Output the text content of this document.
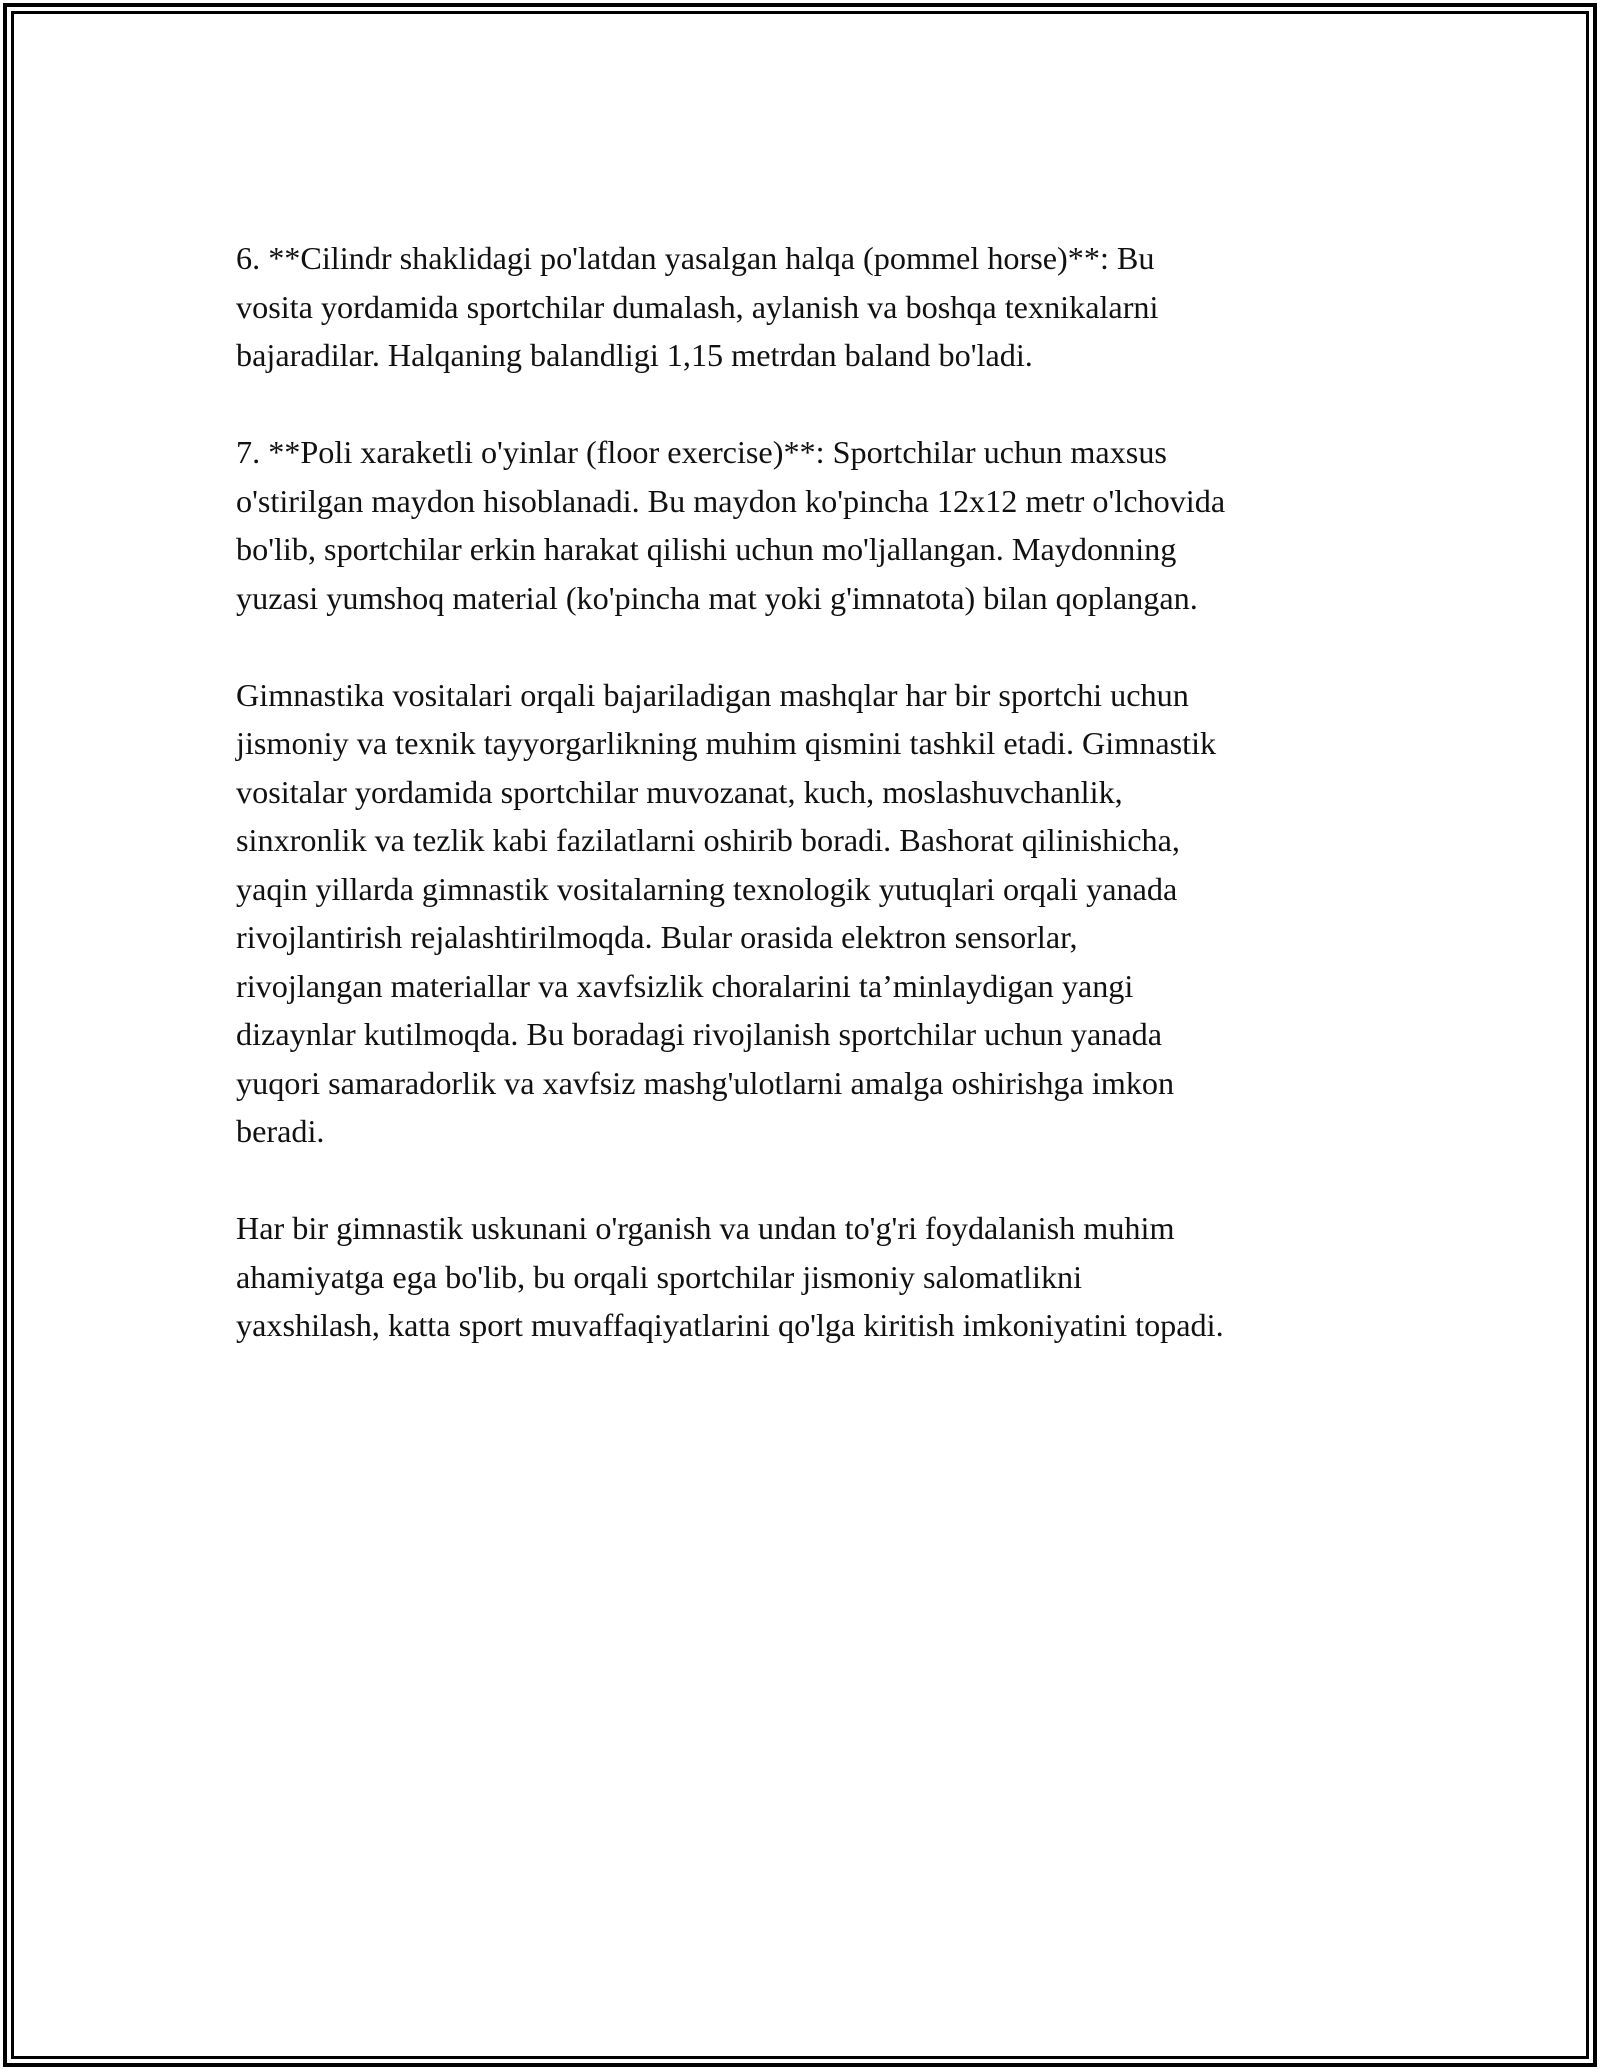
6. **Cilindr shaklidagi po'latdan yasalgan halqa (pommel horse)**: Bu
vosita yordamida sportchilar dumalash, aylanish va boshqa texnikalarni
bajaradilar. Halqaning balandligi 1,15 metrdan baland bo'ladi.

7. **Poli xaraketli o'yinlar (floor exercise)**: Sportchilar uchun maxsus
o'stirilgan maydon hisoblanadi. Bu maydon ko'pincha 12x12 metr o'lchovida
bo'lib, sportchilar erkin harakat qilishi uchun mo'ljallangan. Maydonning
yuzasi yumshoq material (ko'pincha mat yoki g'imnatota) bilan qoplangan.

Gimnastika vositalari orqali bajariladigan mashqlar har bir sportchi uchun
jismoniy va texnik tayyorgarlikning muhim qismini tashkil etadi. Gimnastik
vositalar yordamida sportchilar muvozanat, kuch, moslashuvchanlik,
sinxronlik va tezlik kabi fazilatlarni oshirib boradi. Bashorat qilinishicha,
yaqin yillarda gimnastik vositalarning texnologik yutuqlari orqali yanada
rivojlantirish rejalashtirilmoqda. Bular orasida elektron sensorlar,
rivojlangan materiallar va xavfsizlik choralarini ta’minlaydigan yangi
dizaynlar kutilmoqda. Bu boradagi rivojlanish sportchilar uchun yanada
yuqori samaradorlik va xavfsiz mashg'ulotlarni amalga oshirishga imkon
beradi.

Har bir gimnastik uskunani o'rganish va undan to'g'ri foydalanish muhim
ahamiyatga ega bo'lib, bu orqali sportchilar jismoniy salomatlikni
yaxshilash, katta sport muvaffaqiyatlarini qo'lga kiritish imkoniyatini topadi.
